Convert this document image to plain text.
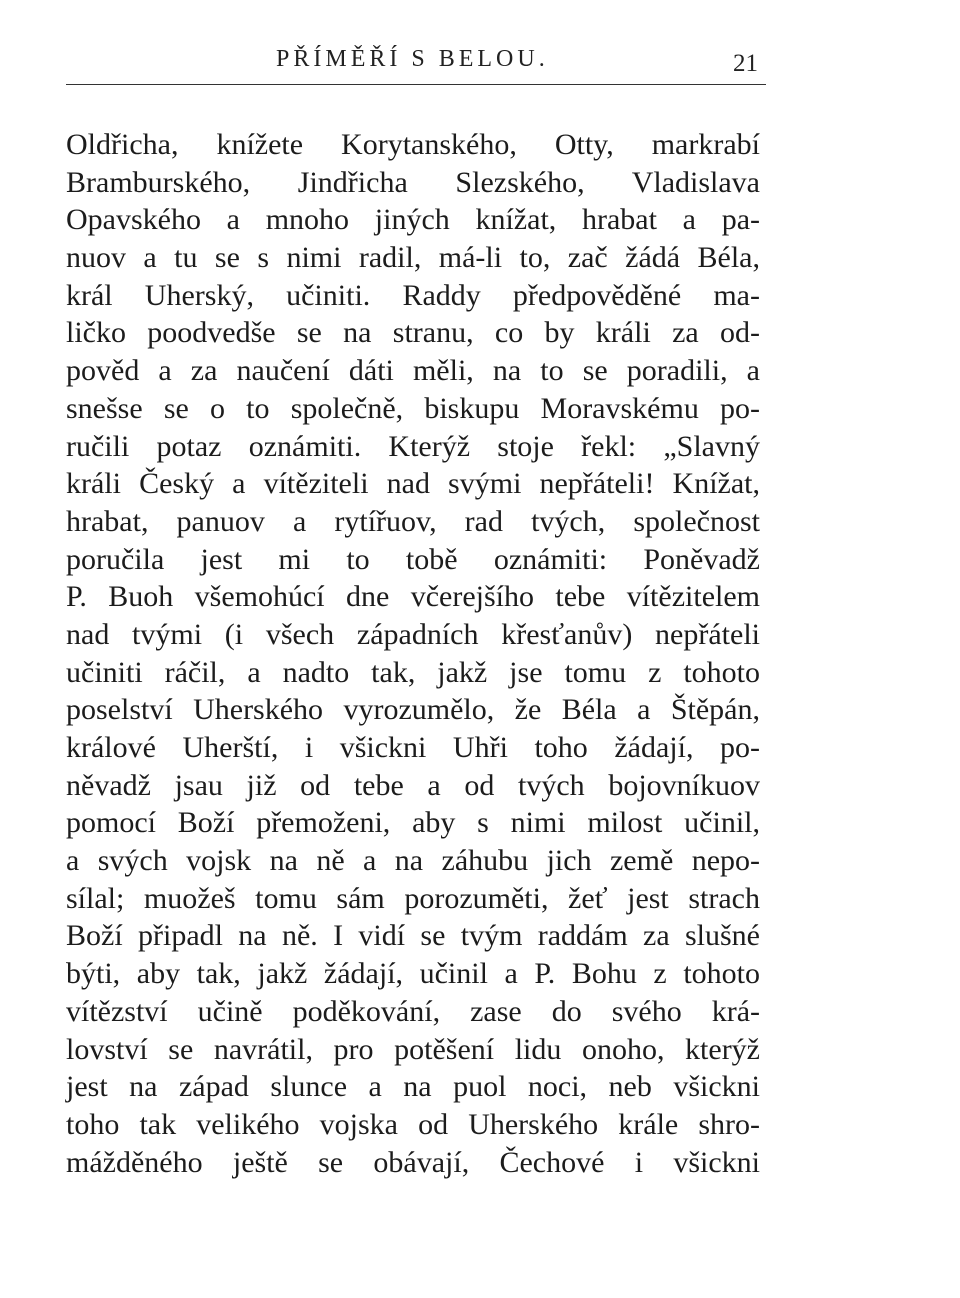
PŘÍMĚŘÍ S BELOU.	21
Oldřicha, knížete Korytanského, Otty, markrabí
Bramburského, Jindřicha Slezského, Vladislava
Opavského a mnoho jiných knížat, hrabat a pa-
nuov a tu se s nimi radil, má-li to, zač žádá Béla,
král Uherský, učiniti. Raddy předpověděné ma-
ličko poodvedše se na stranu, co by králi za od-
pověd a za naučení dáti měli, na to se poradili, a
snešse se o to společně, biskupu Moravskému po-
ručili potaz oznámiti. Kterýž stoje řekl: „Slavný
králi Český a vítěziteli nad svými nepřáteli! Knížat,
hrabat, panuov a rytířuov, rad tvých, společnost
poručila jest mi to tobě oznámiti: Poněvadž
P. Buoh všemohúcí dne včerejšího tebe vítězitelem
nad tvými (i všech západních křesťanův) nepřáteli
učiniti ráčil, a nadto tak, jakž jse tomu z tohoto
poselství Uherského vyrozumělo, že Béla a Štěpán,
králové Uherští, i všickni Uhři toho žádají, po-
něvadž jsau již od tebe a od tvých bojovníkuov
pomocí Boží přemoženi, aby s nimi milost učinil,
a svých vojsk na ně a na záhubu jich země nepo-
sílal; muožeš tomu sám porozuměti, žeť jest strach
Boží připadl na ně. I vidí se tvým raddám za slušné
býti, aby tak, jakž žádají, učinil a P. Bohu z tohoto
vítězství učině poděkování, zase do svého krá-
lovství se navrátil, pro potěšení lidu onoho, kterýž
jest na západ slunce a na puol noci, neb všickni
toho tak velikého vojska od Uherského krále shro-
mážděného ještě se obávají, Čechové i všickni
